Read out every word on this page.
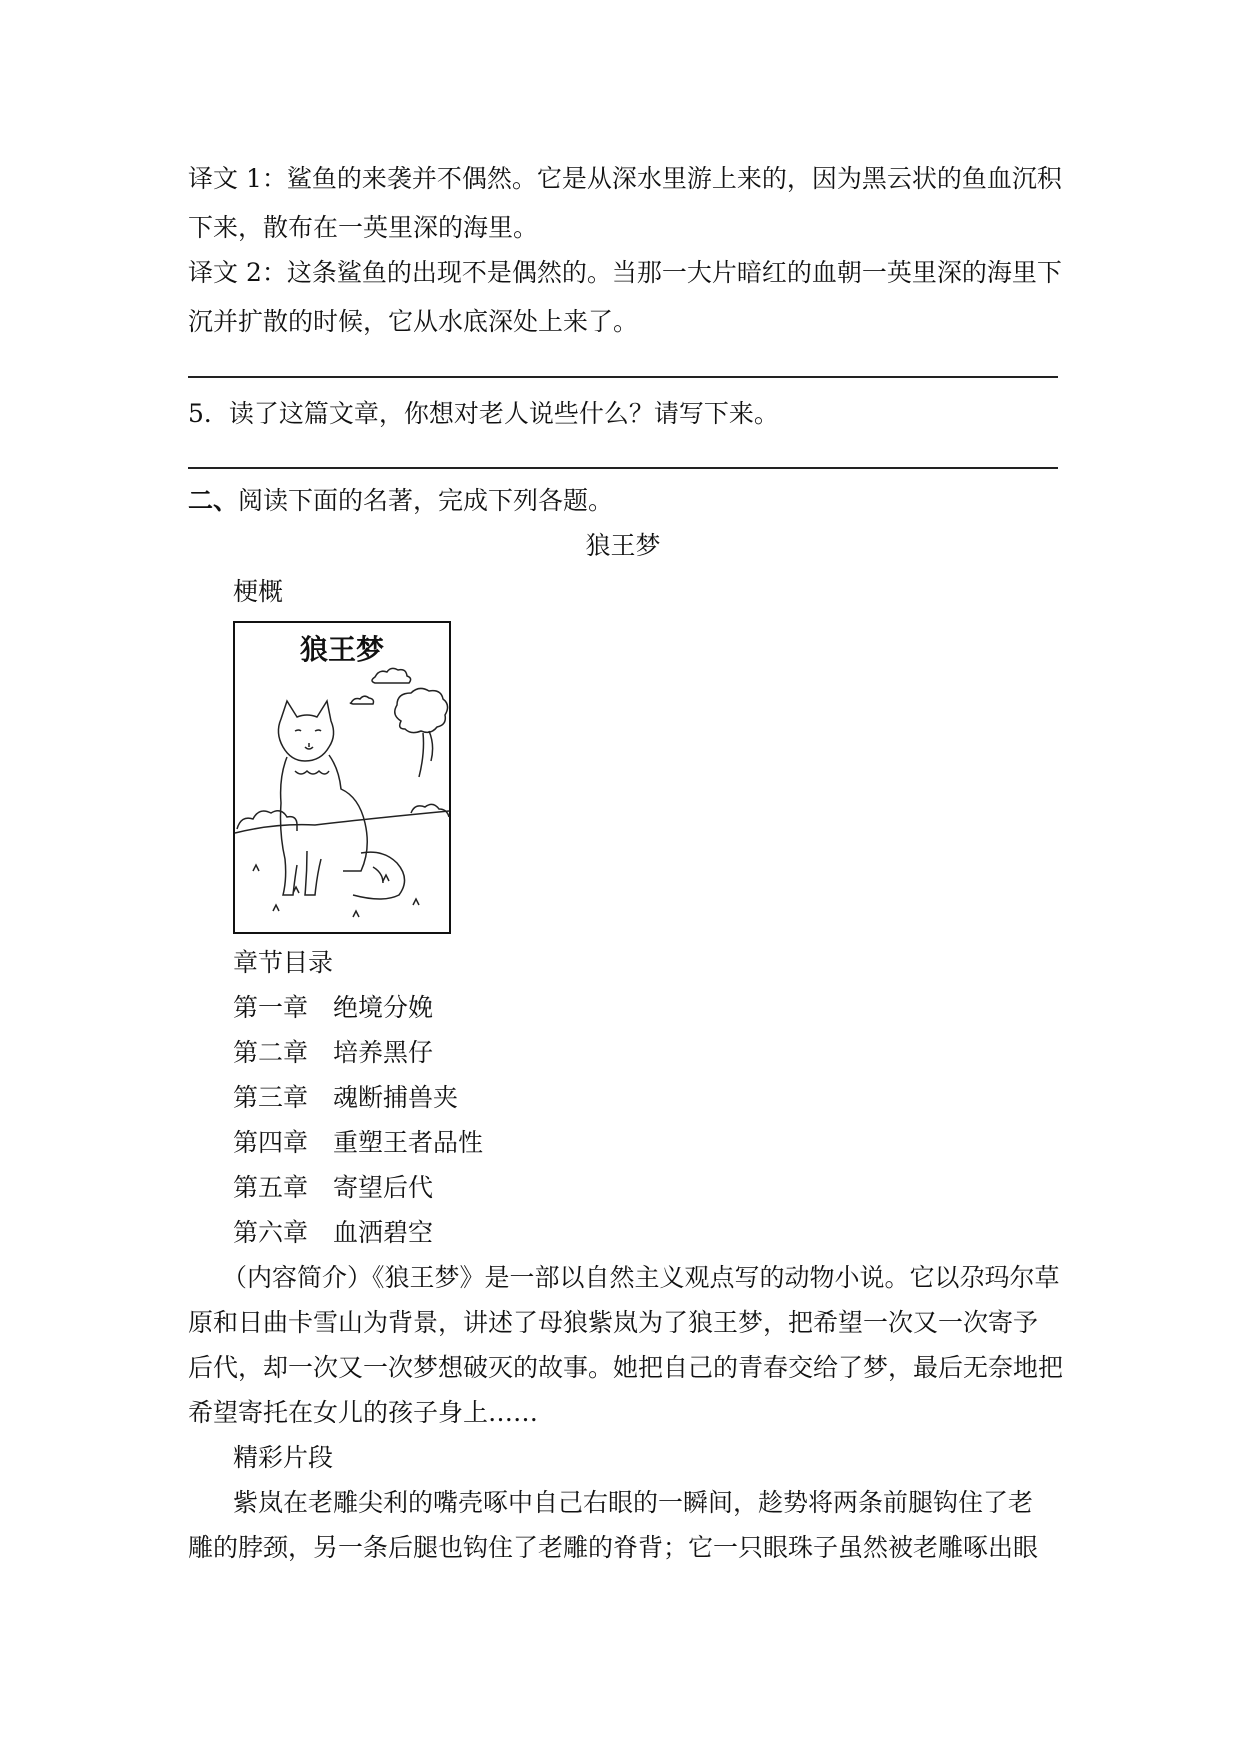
译文 1：鲨鱼的来袭并不偶然。它是从深水里游上来的，因为黑云状的鱼血沉积
下来，散布在一英里深的海里。
译文 2：这条鲨鱼的出现不是偶然的。当那一大片暗红的血朝一英里深的海里下
沉并扩散的时候，它从水底深处上来了。
5．读了这篇文章，你想对老人说些什么？请写下来。
二、阅读下面的名著，完成下列各题。
狼王梦
梗概
狼王梦
章节目录
第一章 绝境分娩
第二章 培养黑仔
第三章 魂断捕兽夹
第四章 重塑王者品性
第五章 寄望后代
第六章 血洒碧空
（内容简介）《狼王梦》是一部以自然主义观点写的动物小说。它以尕玛尔草
原和日曲卡雪山为背景，讲述了母狼紫岚为了狼王梦，把希望一次又一次寄予
后代，却一次又一次梦想破灭的故事。她把自己的青春交给了梦，最后无奈地把
希望寄托在女儿的孩子身上……
精彩片段
紫岚在老雕尖利的嘴壳啄中自己右眼的一瞬间，趁势将两条前腿钩住了老
雕的脖颈，另一条后腿也钩住了老雕的脊背；它一只眼珠子虽然被老雕啄出眼
